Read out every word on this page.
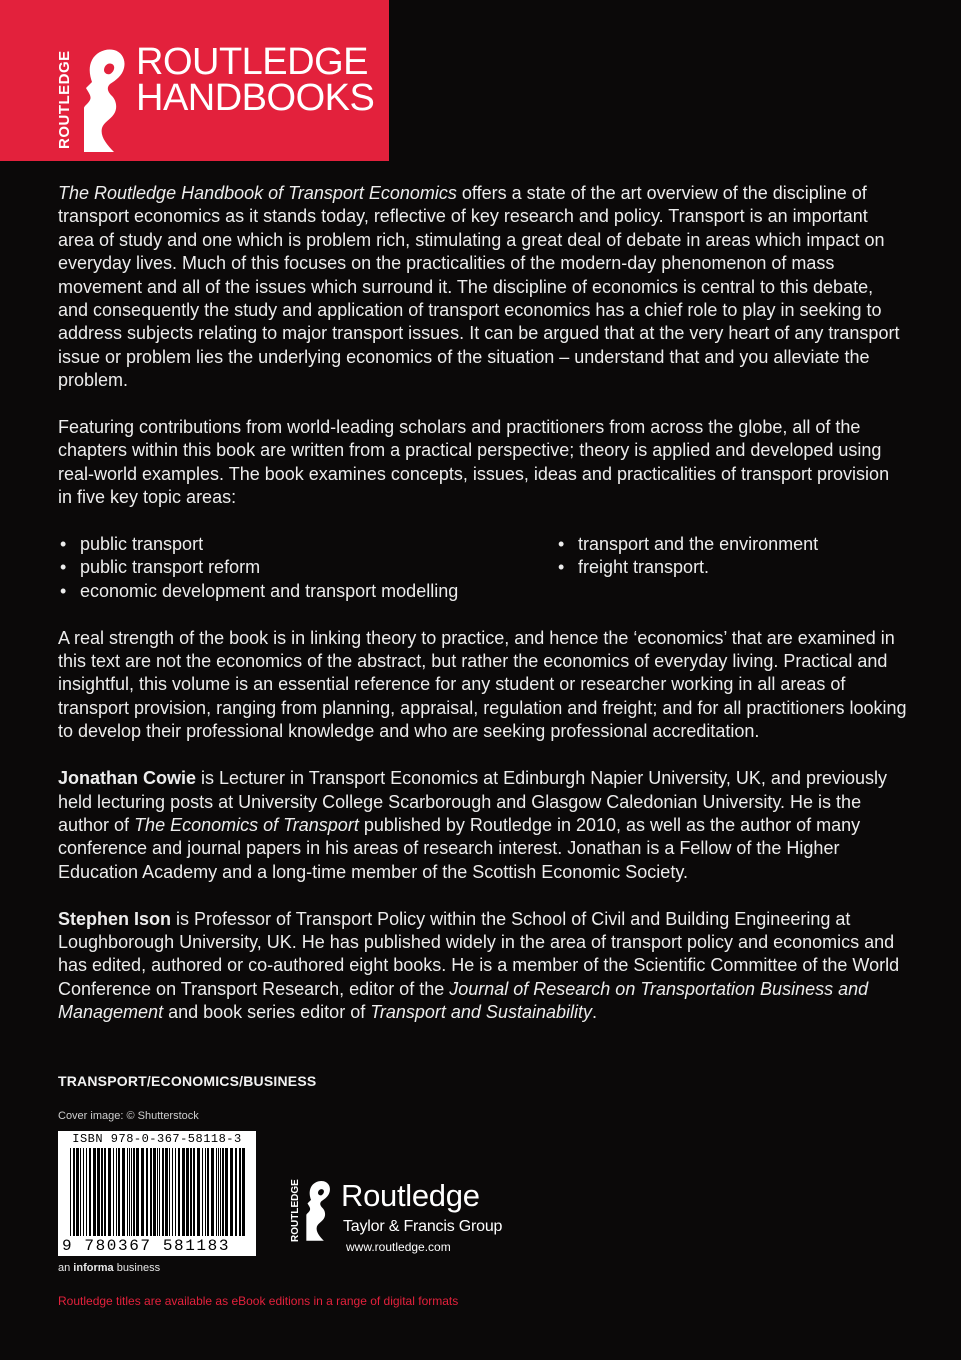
ROUTLEDGE ROUTLEDGE
HANDBOOKS

The Routledge Handbook of Transport Economics offers a state of the art overview of the discipline of transport economics as it stands today, reflective of key research and policy. Transport is an important area of study and one which is problem rich, stimulating a great deal of debate in areas which impact on everyday lives. Much of this focuses on the practicalities of the modern-day phenomenon of mass movement and all of the issues which surround it. The discipline of economics is central to this debate, and consequently the study and application of transport economics has a chief role to play in seeking to address subjects relating to major transport issues. It can be argued that at the very heart of any transport issue or problem lies the underlying economics of the situation – understand that and you alleviate the problem.

Featuring contributions from world-leading scholars and practitioners from across the globe, all of the chapters within this book are written from a practical perspective; theory is applied and developed using real-world examples. The book examines concepts, issues, ideas and practicalities of transport provision in five key topic areas:

• public transport
• public transport reform
• economic development and transport modelling
• transport and the environment
• freight transport.

A real strength of the book is in linking theory to practice, and hence the ‘economics’ that are examined in this text are not the economics of the abstract, but rather the economics of everyday living. Practical and insightful, this volume is an essential reference for any student or researcher working in all areas of transport provision, ranging from planning, appraisal, regulation and freight; and for all practitioners looking to develop their professional knowledge and who are seeking professional accreditation.

Jonathan Cowie is Lecturer in Transport Economics at Edinburgh Napier University, UK, and previously held lecturing posts at University College Scarborough and Glasgow Caledonian University. He is the author of The Economics of Transport published by Routledge in 2010, as well as the author of many conference and journal papers in his areas of research interest. Jonathan is a Fellow of the Higher Education Academy and a long-time member of the Scottish Economic Society.

Stephen Ison is Professor of Transport Policy within the School of Civil and Building Engineering at Loughborough University, UK. He has published widely in the area of transport policy and economics and has edited, authored or co-authored eight books. He is a member of the Scientific Committee of the World Conference on Transport Research, editor of the Journal of Research on Transportation Business and Management and book series editor of Transport and Sustainability.

TRANSPORT/ECONOMICS/BUSINESS
Cover image: © Shutterstock
ISBN 978-0-367-58118-3
9 780367 581183
an informa business
ROUTLEDGE Routledge
Taylor & Francis Group
www.routledge.com
Routledge titles are available as eBook editions in a range of digital formats
